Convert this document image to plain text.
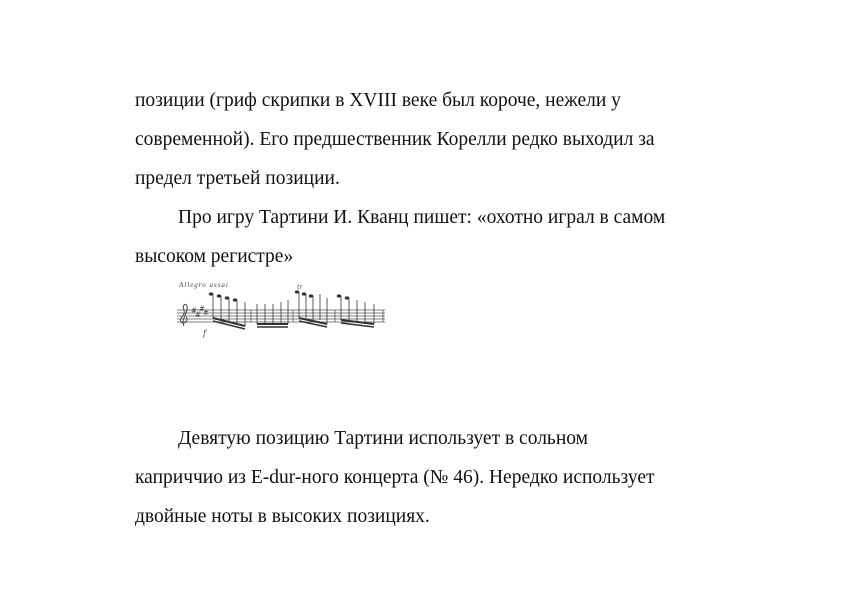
позиции (гриф скрипки в XVIII веке был короче, нежели у
современной). Его предшественник Корелли редко выходил за
предел третьей позиции.

Про игру Тартини И. Кванц пишет: «охотно играл в самом
высоком регистре»

Allegro assai
#
#
#
#
tr
f

Девятую позицию Тартини использует в сольном
каприччио из E-dur-ного концерта (№ 46). Нередко использует
двойные ноты в высоких позициях.
